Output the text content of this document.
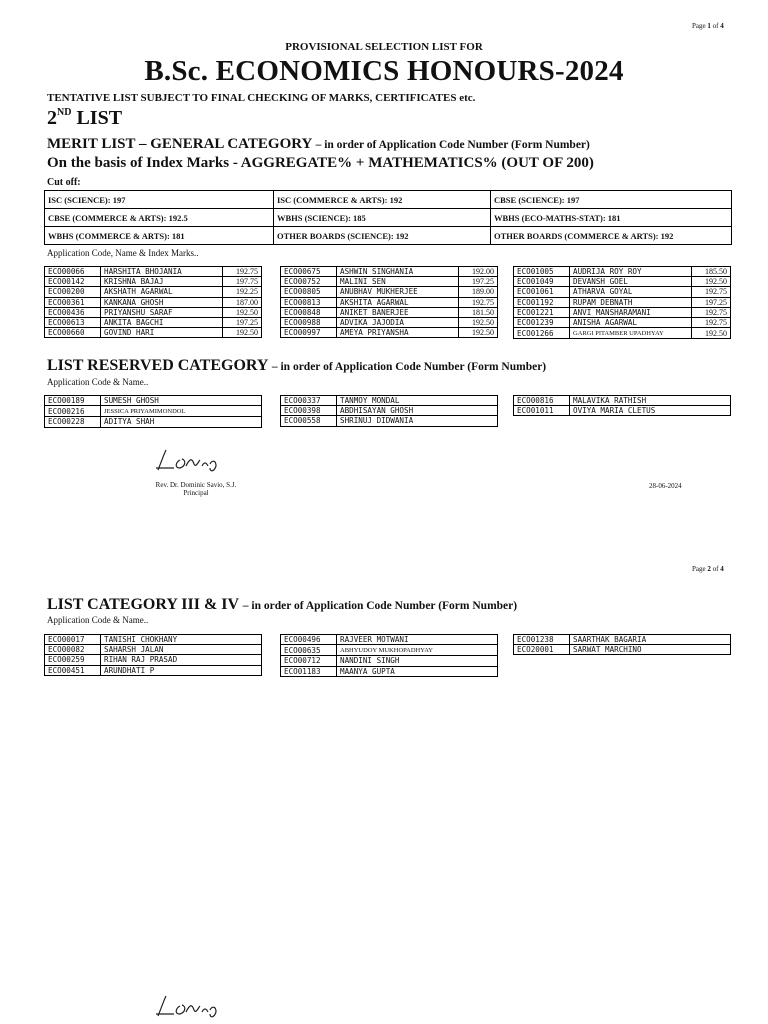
Page 1 of 4
PROVISIONAL SELECTION LIST FOR
B.Sc. ECONOMICS HONOURS-2024
TENTATIVE LIST SUBJECT TO FINAL CHECKING OF MARKS, CERTIFICATES etc.
2ND LIST
MERIT LIST – GENERAL CATEGORY – in order of Application Code Number (Form Number)
On the basis of Index Marks - AGGREGATE% + MATHEMATICS% (OUT OF 200)
Cut off:
ISC (SCIENCE): 197	ISC (COMMERCE & ARTS): 192	CBSE (SCIENCE): 197
CBSE (COMMERCE & ARTS): 192.5	WBHS (SCIENCE): 185	WBHS (ECO-MATHS-STAT): 181
WBHS (COMMERCE & ARTS): 181	OTHER BOARDS (SCIENCE): 192	OTHER BOARDS (COMMERCE & ARTS): 192
Application Code, Name & Index Marks..
ECO00066	HARSHITA BHOJANIA	192.75
ECO00142	KRISHNA BAJAJ	197.75
ECO00200	AKSHATH AGARWAL	192.25
ECO00361	KANKANA GHOSH	187.00
ECO00436	PRIYANSHU SARAF	192.50
ECO00613	ANKITA BAGCHI	197.25
ECO00660	GOVIND HARI	192.50
ECO00675	ASHWIN SINGHANIA	192.00
ECO00752	MALINI SEN	197.25
ECO00805	ANUBHAV MUKHERJEE	189.00
ECO00813	AKSHITA AGARWAL	192.75
ECO00848	ANIKET BANERJEE	181.50
ECO00988	ADVIKA JAJODIA	192.50
ECO00997	AMEYA PRIYANSHA	192.50
ECO01005	AUDRIJA ROY ROY	185.50
ECO01049	DEVANSH GOEL	192.50
ECO01061	ATHARVA GOYAL	192.75
ECO01192	RUPAM DEBNATH	197.25
ECO01221	ANVI MANSHARAMANI	192.75
ECO01239	ANISHA AGARWAL	192.75
ECO01266	GARGI PITAMBER UPADHYAY	192.50
LIST RESERVED CATEGORY – in order of Application Code Number (Form Number)
Application Code & Name..
ECO00189	SUMESH GHOSH
ECO00216	JESSICA PRIYAMIMONDOL
ECO00228	ADITYA SHAH
ECO00337	TANMOY MONDAL
ECO00398	ABDHISAYAN GHOSH
ECO00558	SHRINUJ DIDWANIA
ECO00816	MALAVIKA RATHISH
ECO01011	OVIYA MARIA CLETUS
Rev. Dr. Dominic Savio, S.J.
Principal
28-06-2024
Page 2 of 4
LIST CATEGORY III & IV – in order of Application Code Number (Form Number)
Application Code & Name..
ECO00017	TANISHI CHOKHANY
ECO00082	SAHARSH JALAN
ECO00259	RIHAN RAJ PRASAD
ECO00451	ARUNDHATI P
ECO00496	RAJVEER MOTWANI
ECO00635	ABHYUDOY MUKHOPADHYAY
ECO00712	NANDINI SINGH
ECO01183	MAANYA GUPTA
ECO01238	SAARTHAK BAGARIA
ECO20001	SARWAT MARCHINO
